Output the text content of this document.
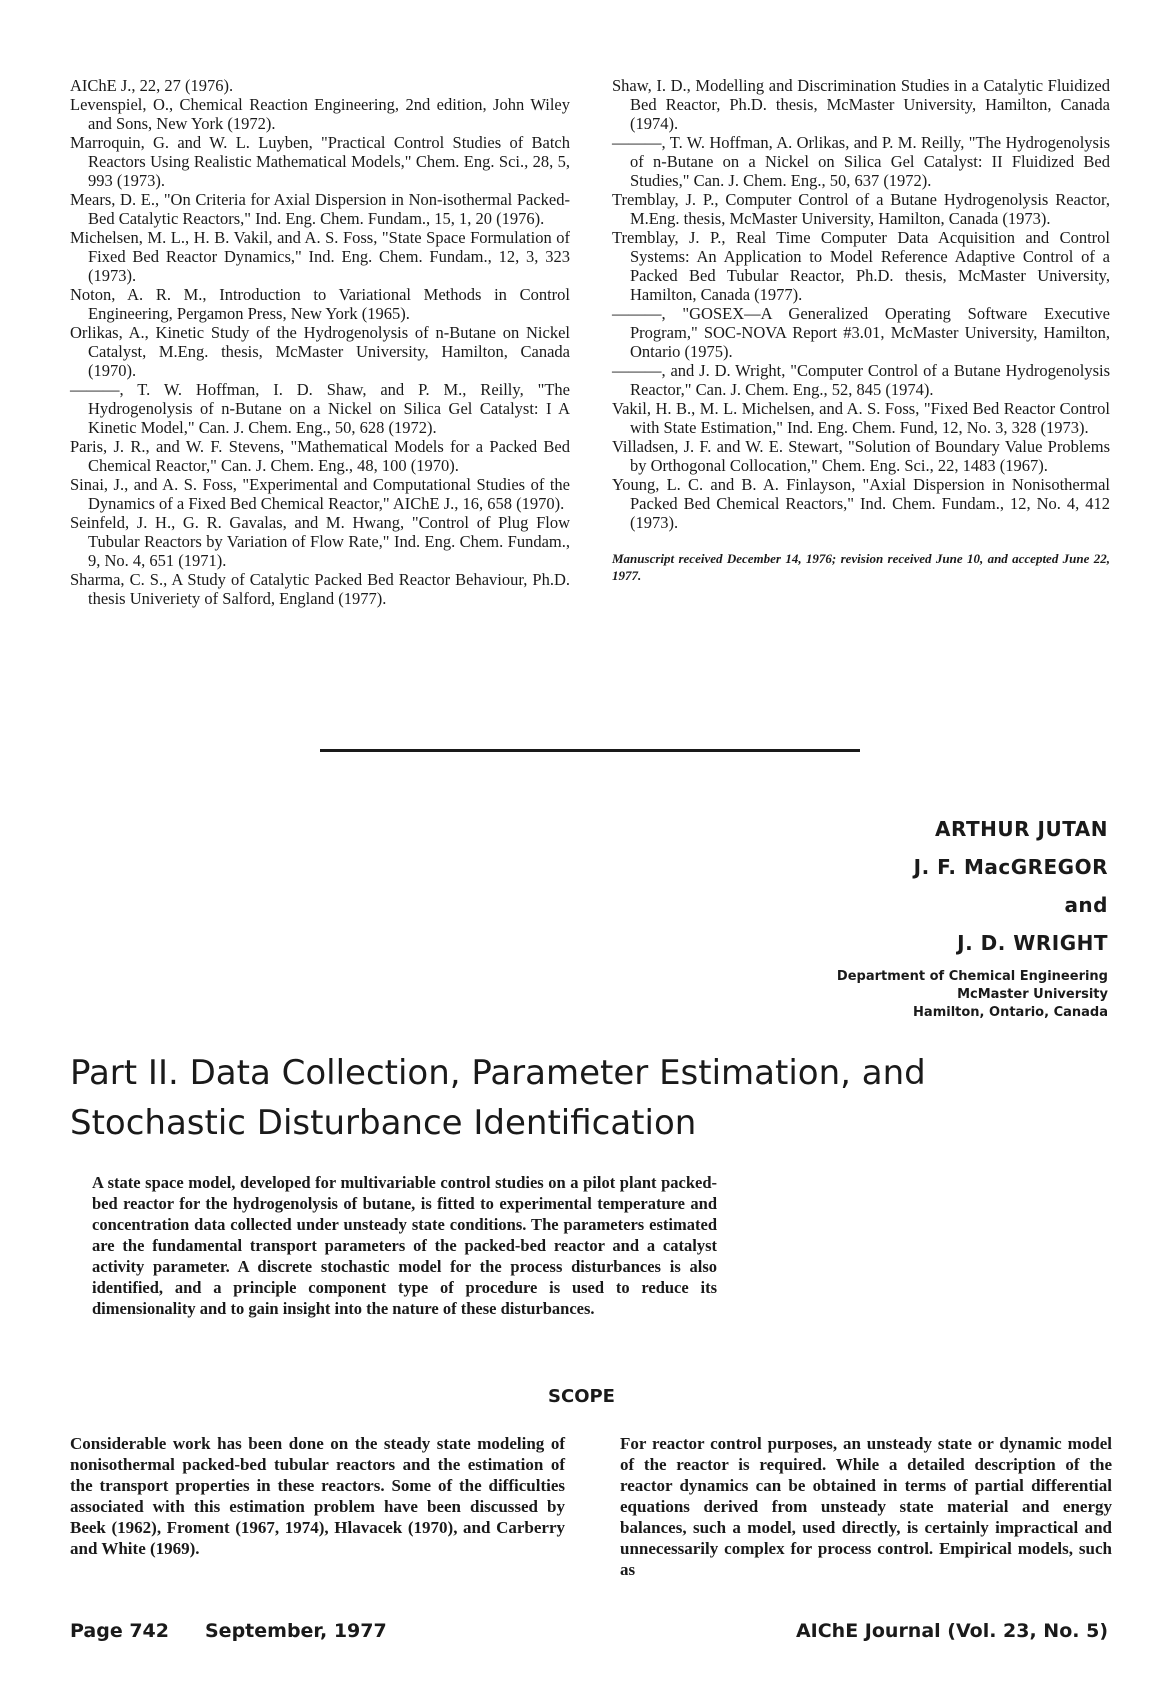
AIChE J., 22, 27 (1976).

Levenspiel, O., Chemical Reaction Engineering, 2nd edition, John Wiley and Sons, New York (1972).

Marroquin, G. and W. L. Luyben, "Practical Control Studies of Batch Reactors Using Realistic Mathematical Models," Chem. Eng. Sci., 28, 5, 993 (1973).

Mears, D. E., "On Criteria for Axial Dispersion in Non-isothermal Packed-Bed Catalytic Reactors," Ind. Eng. Chem. Fundam., 15, 1, 20 (1976).

Michelsen, M. L., H. B. Vakil, and A. S. Foss, "State Space Formulation of Fixed Bed Reactor Dynamics," Ind. Eng. Chem. Fundam., 12, 3, 323 (1973).

Noton, A. R. M., Introduction to Variational Methods in Control Engineering, Pergamon Press, New York (1965).

Orlikas, A., Kinetic Study of the Hydrogenolysis of n-Butane on Nickel Catalyst, M.Eng. thesis, McMaster University, Hamilton, Canada (1970).

———, T. W. Hoffman, I. D. Shaw, and P. M., Reilly, "The Hydrogenolysis of n-Butane on a Nickel on Silica Gel Catalyst: I A Kinetic Model," Can. J. Chem. Eng., 50, 628 (1972).

Paris, J. R., and W. F. Stevens, "Mathematical Models for a Packed Bed Chemical Reactor," Can. J. Chem. Eng., 48, 100 (1970).

Sinai, J., and A. S. Foss, "Experimental and Computational Studies of the Dynamics of a Fixed Bed Chemical Reactor," AIChE J., 16, 658 (1970).

Seinfeld, J. H., G. R. Gavalas, and M. Hwang, "Control of Plug Flow Tubular Reactors by Variation of Flow Rate," Ind. Eng. Chem. Fundam., 9, No. 4, 651 (1971).

Sharma, C. S., A Study of Catalytic Packed Bed Reactor Behaviour, Ph.D. thesis Univeriety of Salford, England (1977).

Shaw, I. D., Modelling and Discrimination Studies in a Catalytic Fluidized Bed Reactor, Ph.D. thesis, McMaster University, Hamilton, Canada (1974).

———, T. W. Hoffman, A. Orlikas, and P. M. Reilly, "The Hydrogenolysis of n-Butane on a Nickel on Silica Gel Catalyst: II Fluidized Bed Studies," Can. J. Chem. Eng., 50, 637 (1972).

Tremblay, J. P., Computer Control of a Butane Hydrogenolysis Reactor, M.Eng. thesis, McMaster University, Hamilton, Canada (1973).

Tremblay, J. P., Real Time Computer Data Acquisition and Control Systems: An Application to Model Reference Adaptive Control of a Packed Bed Tubular Reactor, Ph.D. thesis, McMaster University, Hamilton, Canada (1977).

———, "GOSEX—A Generalized Operating Software Executive Program," SOC-NOVA Report #3.01, McMaster University, Hamilton, Ontario (1975).

———, and J. D. Wright, "Computer Control of a Butane Hydrogenolysis Reactor," Can. J. Chem. Eng., 52, 845 (1974).

Vakil, H. B., M. L. Michelsen, and A. S. Foss, "Fixed Bed Reactor Control with State Estimation," Ind. Eng. Chem. Fund, 12, No. 3, 328 (1973).

Villadsen, J. F. and W. E. Stewart, "Solution of Boundary Value Problems by Orthogonal Collocation," Chem. Eng. Sci., 22, 1483 (1967).

Young, L. C. and B. A. Finlayson, "Axial Dispersion in Nonisothermal Packed Bed Chemical Reactors," Ind. Chem. Fundam., 12, No. 4, 412 (1973).

Manuscript received December 14, 1976; revision received June 10, and accepted June 22, 1977.

ARTHUR JUTAN
J. F. MacGREGOR
and
J. D. WRIGHT
Department of Chemical Engineering
McMaster University
Hamilton, Ontario, Canada
Part II. Data Collection, Parameter Estimation, and Stochastic Disturbance Identification

A state space model, developed for multivariable control studies on a pilot plant packed-bed reactor for the hydrogenolysis of butane, is fitted to experimental temperature and concentration data collected under unsteady state conditions. The parameters estimated are the fundamental transport parameters of the packed-bed reactor and a catalyst activity parameter. A discrete stochastic model for the process disturbances is also identified, and a principle component type of procedure is used to reduce its dimensionality and to gain insight into the nature of these disturbances.

SCOPE

Considerable work has been done on the steady state modeling of nonisothermal packed-bed tubular reactors and the estimation of the transport properties in these reactors. Some of the difficulties associated with this estimation problem have been discussed by Beek (1962), Froment (1967, 1974), Hlavacek (1970), and Carberry and White (1969).

For reactor control purposes, an unsteady state or dynamic model of the reactor is required. While a detailed description of the reactor dynamics can be obtained in terms of partial differential equations derived from unsteady state material and energy balances, such a model, used directly, is certainly impractical and unnecessarily complex for process control. Empirical models, such as

Page 742 September, 1977	AIChE Journal (Vol. 23, No. 5)
